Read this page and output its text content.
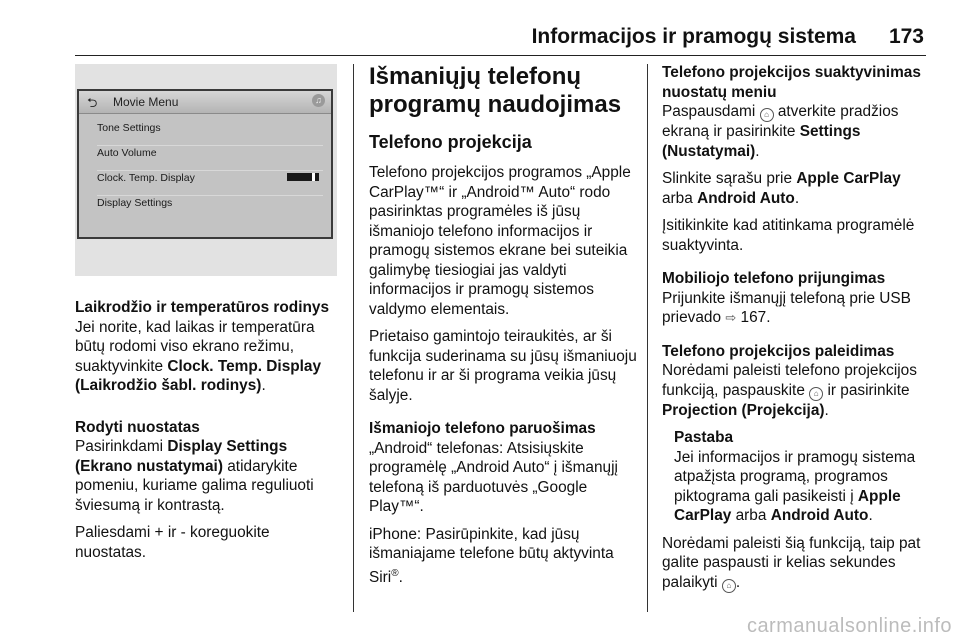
Informacijos ir pramogų sistema 173
⮌ Movie Menu	♫
Tone Settings
Auto Volume
Clock. Temp. Display
Display Settings
Laikrodžio ir temperatūros rodinys

Jei norite, kad laikas ir temperatūra būtų rodomi viso ekrano režimu, suaktyvinkite Clock. Temp. Display (Laikrodžio šabl. rodinys).

Rodyti nuostatas

Pasirinkdami Display Settings (Ekrano nustatymai) atidarykite pomeniu, kuriame galima reguliuoti šviesumą ir kontrastą.

Paliesdami + ir - koreguokite nuostatas.

Išmaniųjų telefonų programų naudojimas
Telefono projekcija

Telefono projekcijos programos „Apple CarPlay™“ ir „Android™ Auto“ rodo pasirinktas programėles iš jūsų išmaniojo telefono informacijos ir pramogų sistemos ekrane bei suteikia galimybę tiesiogiai jas valdyti informacijos ir pramogų sistemos valdymo elementais.

Prietaiso gamintojo teiraukitės, ar ši funkcija suderinama su jūsų išmaniuoju telefonu ir ar ši programa veikia jūsų šalyje.

Išmaniojo telefono paruošimas

„Android“ telefonas: Atsisiųskite programėlę „Android Auto“ į išmanųjį telefoną iš parduotuvės „Google Play™“.

iPhone: Pasirūpinkite, kad jūsų išmaniajame telefone būtų aktyvinta Siri®.

Telefono projekcijos suaktyvinimas nuostatų meniu

Paspausdami ⌂ atverkite pradžios ekraną ir pasirinkite Settings (Nustatymai).

Slinkite sąrašu prie Apple CarPlay arba Android Auto.

Įsitikinkite kad atitinkama programėlė suaktyvinta.

Mobiliojo telefono prijungimas

Prijunkite išmanųjį telefoną prie USB prievado ⇨ 167.

Telefono projekcijos paleidimas

Norėdami paleisti telefono projekcijos funkciją, paspauskite ⌂ ir pasirinkite Projection (Projekcija).

Pastaba

Jei informacijos ir pramogų sistema atpažįsta programą, programos piktograma gali pasikeisti į Apple CarPlay arba Android Auto.

Norėdami paleisti šią funkciją, taip pat galite paspausti ir kelias sekundes palaikyti ⌂ .

carmanualsonline.info
